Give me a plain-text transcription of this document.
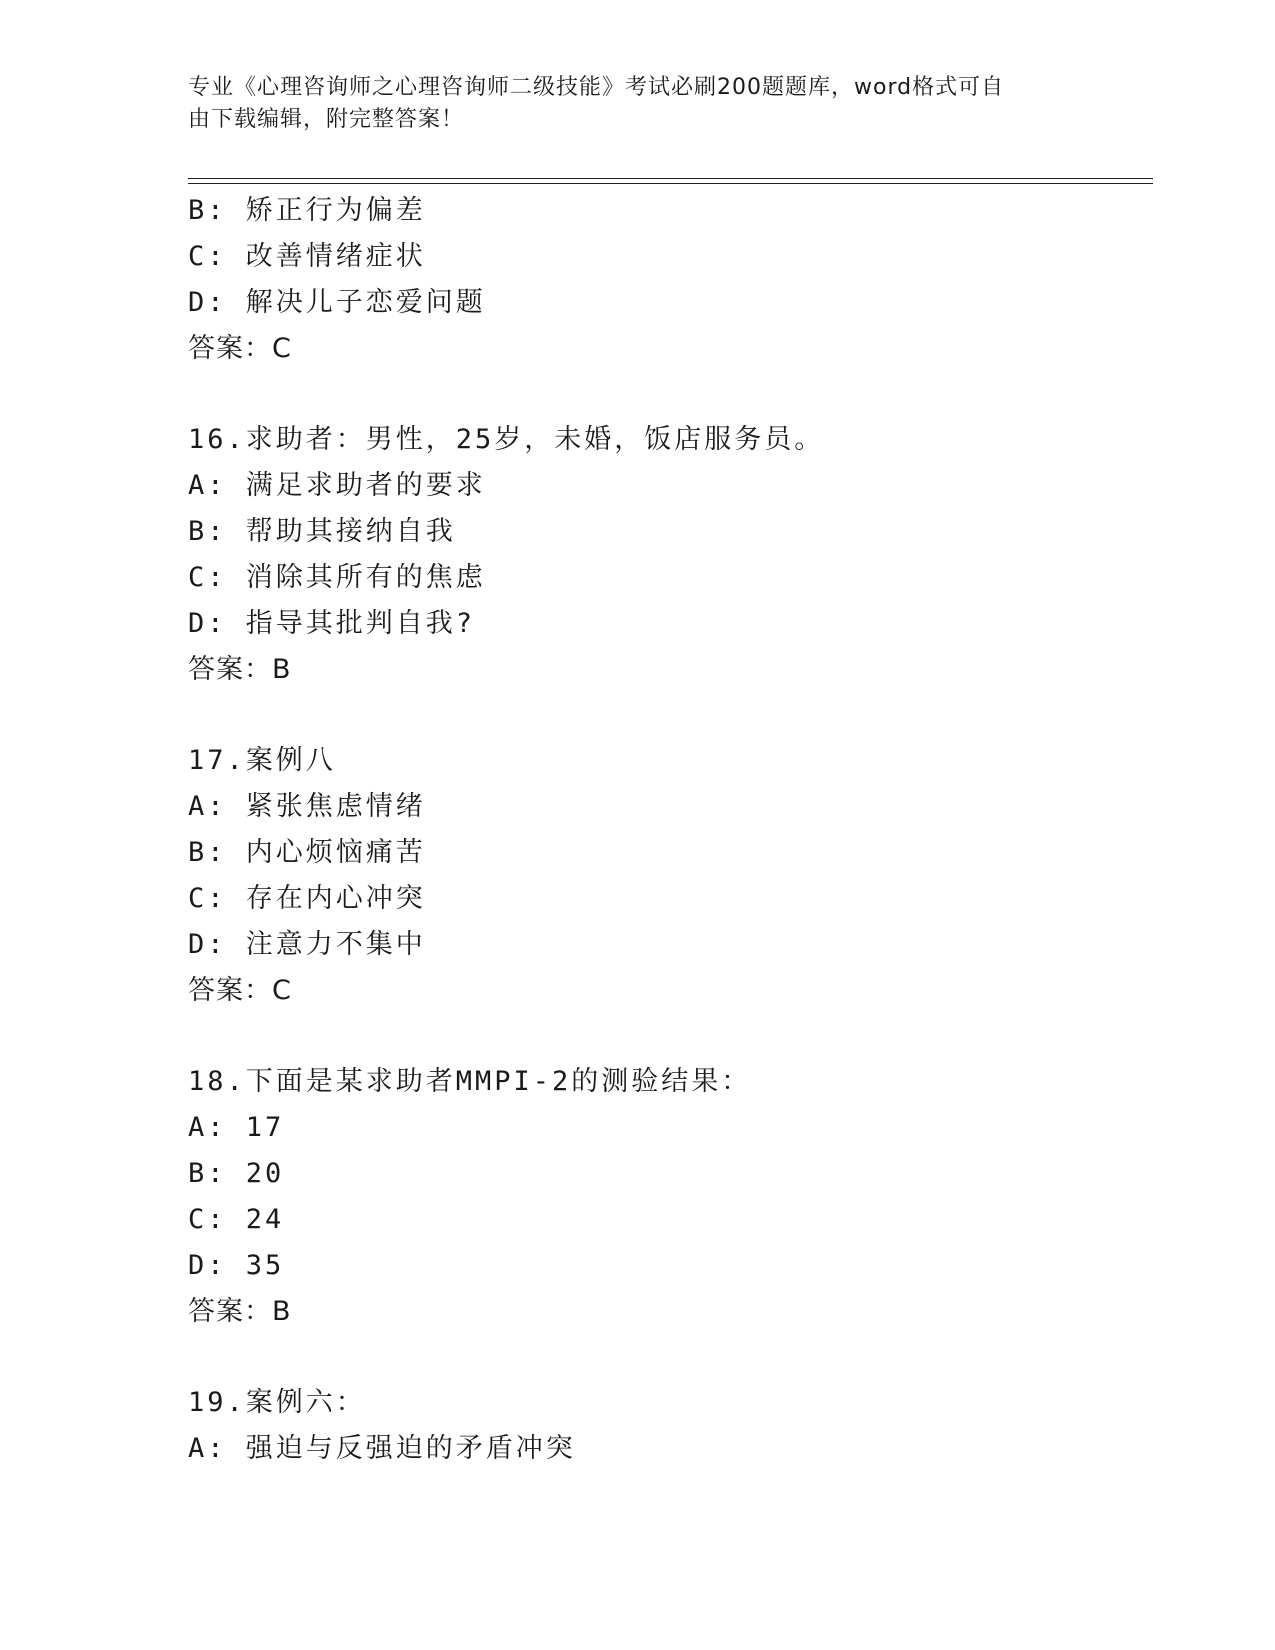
专业《心理咨询师之心理咨询师二级技能》考试必刷200题题库，word格式可自
由下载编辑，附完整答案！
B: 矫正行为偏差
C: 改善情绪症状
D: 解决儿子恋爱问题
答案：C
16.求助者：男性，25岁，未婚，饭店服务员。
A: 满足求助者的要求
B: 帮助其接纳自我
C: 消除其所有的焦虑
D: 指导其批判自我?
答案：B
17.案例八
A: 紧张焦虑情绪
B: 内心烦恼痛苦
C: 存在内心冲突
D: 注意力不集中
答案：C
18.下面是某求助者MMPI-2的测验结果：
A: 17
B: 20
C: 24
D: 35
答案：B
19.案例六：
A: 强迫与反强迫的矛盾冲突
